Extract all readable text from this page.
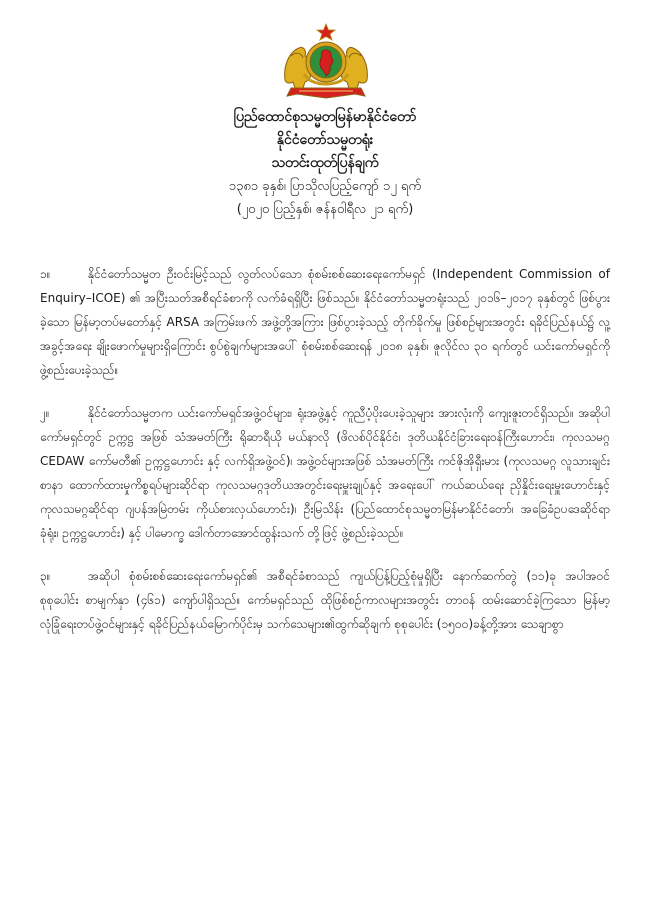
ပြည်ထောင်စုသမ္မတမြန်မာနိုင်ငံတော်
နိုင်ငံတော်သမ္မတရုံး
သတင်းထုတ်ပြန်ချက်
၁၃၈၁ ခုနှစ်၊ ပြာသိုလပြည့်ကျော် ၁၂ ရက်
(၂၀၂၀ ပြည့်နှစ်၊ ဇန်နဝါရီလ ၂၁ ရက်)

၁။	နိုင်ငံတော်သမ္မတ ဦးဝင်းမြင့်သည် လွတ်လပ်သော စုံစမ်းစစ်ဆေးရေးကော်မရှင် (Independent Commission of Enquiry–ICOE) ၏ အပြီးသတ်အစီရင်ခံစာကို လက်ခံရရှိပြီး ဖြစ်သည်။ နိုင်ငံတော်သမ္မတရုံးသည် ၂၀၁၆–၂၀၁၇ ခုနှစ်တွင် ဖြစ်ပွားခဲ့သော မြန်မာ့တပ်မတော်နှင့် ARSA အကြမ်းဖက် အဖွဲ့တို့အကြား ဖြစ်ပွားခဲ့သည့် တိုက်ခိုက်မှု ဖြစ်စဉ်များအတွင်း ရခိုင်ပြည်နယ်၌ လူ့အခွင့်အရေး ချိုးဖောက်မှုများရှိကြောင်း စွပ်စွဲချက်များအပေါ် စုံစမ်းစစ်ဆေးရန် ၂၀၁၈ ခုနှစ်၊ ဇူလိုင်လ ၃၀ ရက်တွင် ယင်းကော်မရှင်ကို ဖွဲ့စည်းပေးခဲ့သည်။

၂။	နိုင်ငံတော်သမ္မတက ယင်းကော်မရှင်အဖွဲ့ဝင်များ၊ ရုံးအဖွဲ့နှင့် ကူညီပံ့ပိုးပေးခဲ့သူများ အားလုံးကို ကျေးဇူးတင်ရှိသည်။ အဆိုပါကော်မရှင်တွင် ဥက္ကဋ္ဌ အဖြစ် သံအမတ်ကြီး ရိုဆာရီယို မယ်နာလို (ဖိလစ်ပိုင်နိုင်ငံ၊ ဒုတိယနိုင်ငံခြားရေးဝန်ကြီးဟောင်း၊ ကုလသမဂ္ဂ CEDAW ကော်မတီ၏ ဥက္ကဋ္ဌဟောင်း နှင့် လက်ရှိအဖွဲ့ဝင်)၊ အဖွဲ့ဝင်များအဖြစ် သံအမတ်ကြီး ကင်ဇိုအိုရှီးမား (ကုလသမဂ္ဂ လူသားချင်းစာနာ ထောက်ထားမှုကိစ္စရပ်များဆိုင်ရာ ကုလသမဂ္ဂဒုတိယအတွင်းရေးမှူးချုပ်နှင့် အရေးပေါ် ကယ်ဆယ်ရေး ညှိနှိုင်းရေးမှူးဟောင်းနှင့် ကုလသမဂ္ဂဆိုင်ရာ ဂျပန်အမြဲတမ်း ကိုယ်စားလှယ်ဟောင်း)၊ ဦးမြသိန်း (ပြည်ထောင်စုသမ္မတမြန်မာနိုင်ငံတော်၊ အခြေခံဥပဒေဆိုင်ရာခုံရုံး၊ ဥက္ကဋ္ဌဟောင်း) နှင့် ပါမောက္ခ ဒေါက်တာအောင်ထွန်းသက် တို့ဖြင့် ဖွဲ့စည်းခဲ့သည်။

၃။	အဆိုပါ စုံစမ်းစစ်ဆေးရေးကော်မရှင်၏ အစီရင်ခံစာသည် ကျယ်ပြန့်ပြည့်စုံမှုရှိပြီး နောက်ဆက်တွဲ (၁၁)ခု အပါအဝင် စုစုပေါင်း စာမျက်နှာ (၄၆၁) ကျော်ပါရှိသည်။ ကော်မရှင်သည် ထိုဖြစ်စဉ်ကာလများအတွင်း တာဝန် ထမ်းဆောင်ခဲ့ကြသော မြန်မာ့ လုံခြုံရေးတပ်ဖွဲ့ဝင်များနှင့် ရခိုင်ပြည်နယ်မြောက်ပိုင်းမှ သက်သေများ၏ထွက်ဆိုချက် စုစုပေါင်း (၁၅၀၀)ခန့်တို့အား သေချာစွာ
